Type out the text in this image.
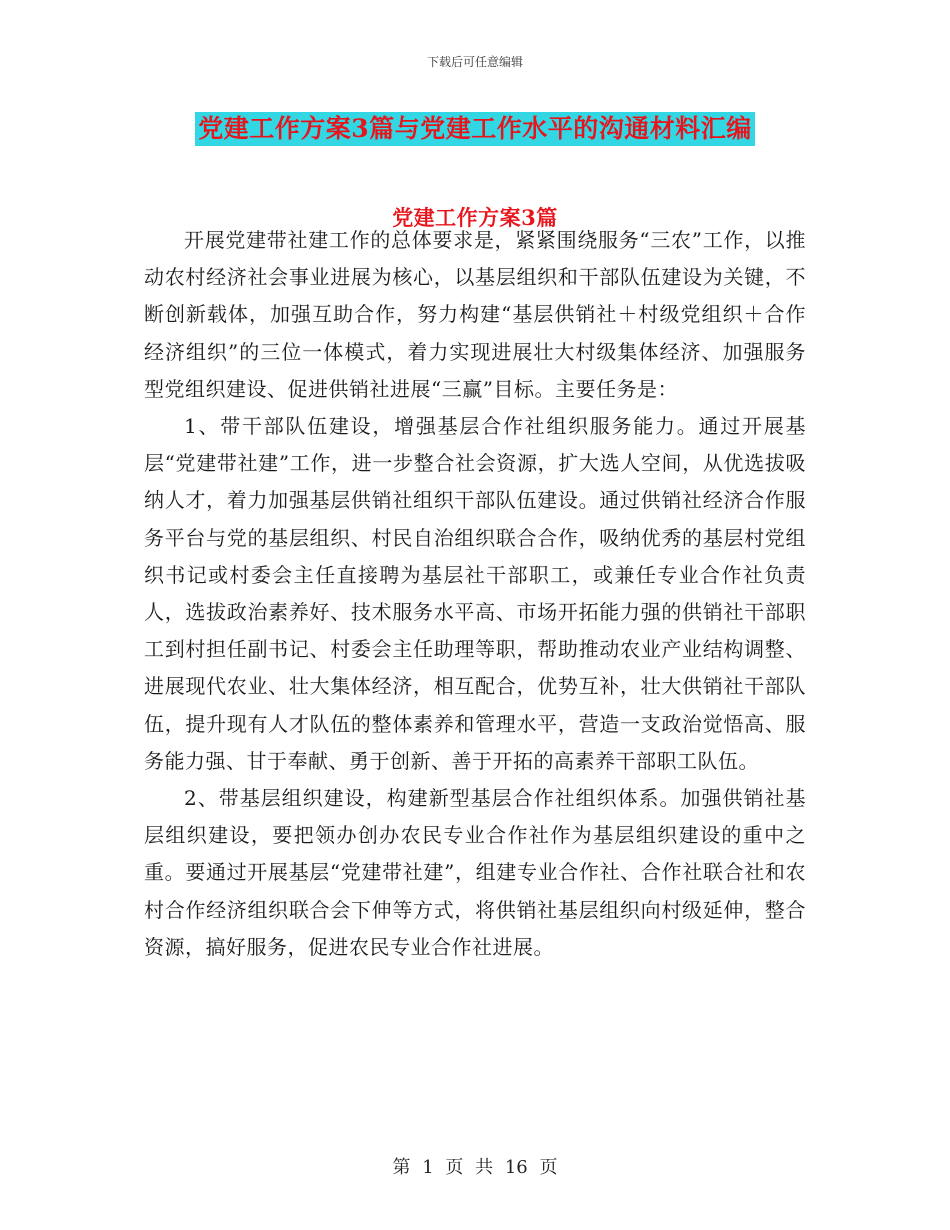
下载后可任意编辑
党建工作方案3篇与党建工作水平的沟通材料汇编
党建工作方案3篇

开展党建带社建工作的总体要求是，紧紧围绕服务“三农”工作，以推动农村经济社会事业进展为核心，以基层组织和干部队伍建设为关键，不断创新载体，加强互助合作，努力构建“基层供销社＋村级党组织＋合作经济组织”的三位一体模式，着力实现进展壮大村级集体经济、加强服务型党组织建设、促进供销社进展“三赢”目标。主要任务是：

1、带干部队伍建设，增强基层合作社组织服务能力。通过开展基层“党建带社建”工作，进一步整合社会资源，扩大选人空间，从优选拔吸纳人才，着力加强基层供销社组织干部队伍建设。通过供销社经济合作服务平台与党的基层组织、村民自治组织联合合作，吸纳优秀的基层村党组织书记或村委会主任直接聘为基层社干部职工，或兼任专业合作社负责人，选拔政治素养好、技术服务水平高、市场开拓能力强的供销社干部职工到村担任副书记、村委会主任助理等职，帮助推动农业产业结构调整、进展现代农业、壮大集体经济，相互配合，优势互补，壮大供销社干部队伍，提升现有人才队伍的整体素养和管理水平，营造一支政治觉悟高、服务能力强、甘于奉献、勇于创新、善于开拓的高素养干部职工队伍。

2、带基层组织建设，构建新型基层合作社组织体系。加强供销社基层组织建设，要把领办创办农民专业合作社作为基层组织建设的重中之重。要通过开展基层“党建带社建”，组建专业合作社、合作社联合社和农村合作经济组织联合会下伸等方式，将供销社基层组织向村级延伸，整合资源，搞好服务，促进农民专业合作社进展。

第 1 页 共 16 页
